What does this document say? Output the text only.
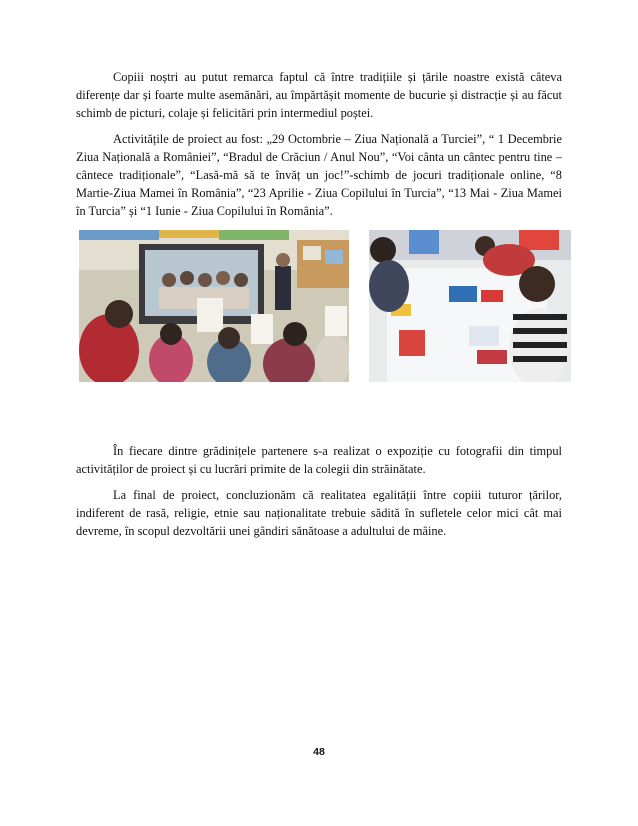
Copiii noștri au putut remarca faptul că între tradițiile și țările noastre există câteva diferențe dar și foarte multe asemănări, au împărtășit momente de bucurie și distracție și au făcut schimb de picturi, colaje și felicitări prin intermediul poștei.

Activitățile de proiect au fost: „29 Octombrie – Ziua Națională a Turciei”, “ 1 Decembrie Ziua Națională a României”, “Bradul de Crăciun / Anul Nou”, “Voi cânta un cântec pentru tine – cântece tradiționale”, “Lasă-mă să te învăț un joc!”-schimb de jocuri tradiționale online, “8 Martie-Ziua Mamei în România”, “23 Aprilie - Ziua Copilului în Turcia”, “13 Mai - Ziua Mamei în Turcia” și “1 Iunie - Ziua Copilului în România”.

În fiecare dintre grădinițele partenere s-a realizat o expoziție cu fotografii din timpul activităților de proiect și cu lucrări primite de la colegii din străinătate.

La final de proiect, concluzionăm că realitatea egalității între copiii tuturor țărilor, indiferent de rasă, religie, etnie sau naționalitate trebuie sădită în sufletele celor mici cât mai devreme, în scopul dezvoltării unei gândiri sănătoase a adultului de mâine.

48
